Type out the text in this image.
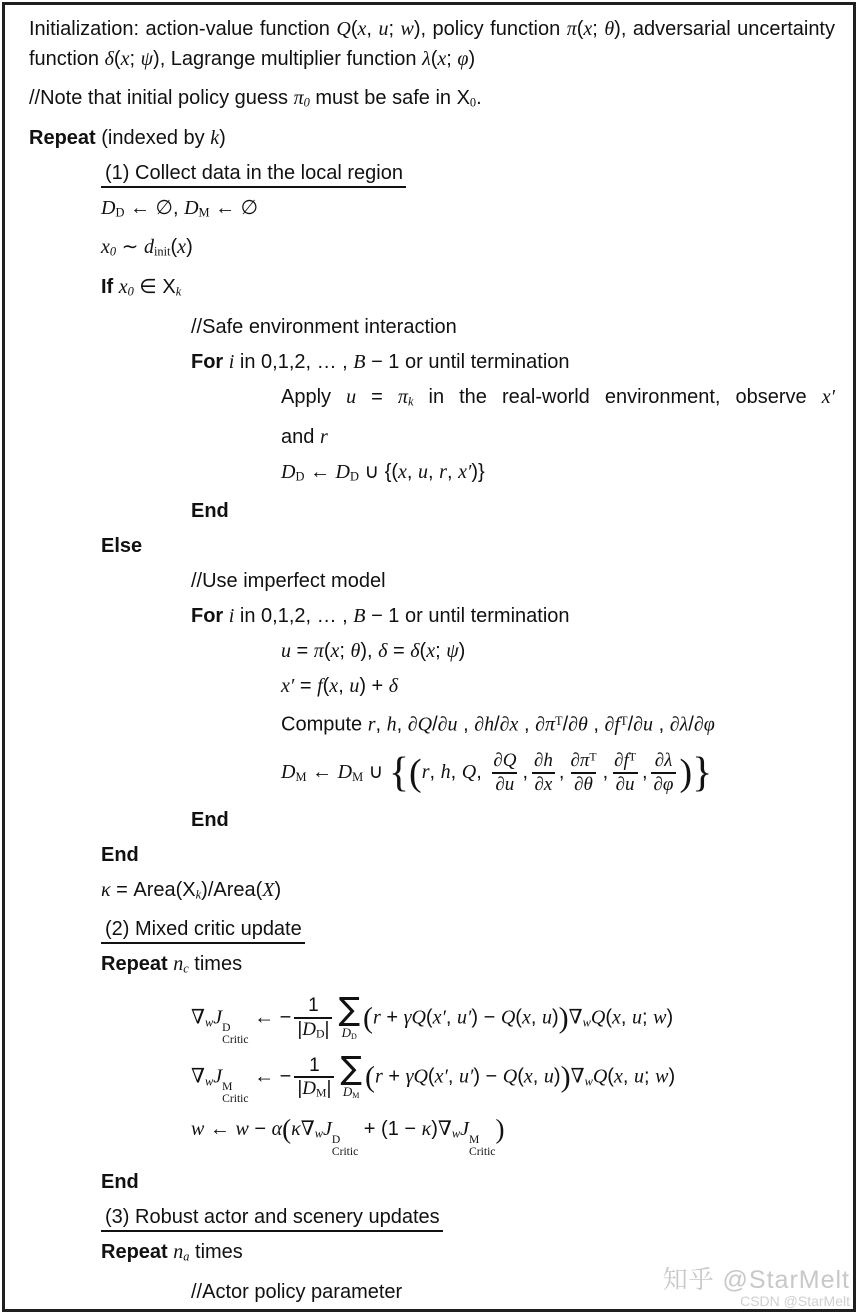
Initialization: action-value function Q(x, u; w), policy function π(x; θ), adversarial uncertainty function δ(x; ψ), Lagrange multiplier function λ(x; φ)
//Note that initial policy guess π0 must be safe in X0.
Repeat (indexed by k)
(1) Collect data in the local region
DD ← ∅, DM ← ∅
x0 ∼ dinit(x)
If x0 ∈ Xk
//Safe environment interaction
For i in 0,1,2, … , B − 1 or until termination
Apply u = πk in the real-world environment, observe x′
and r
DD ← DD ∪ {(x, u, r, x′)}
End
Else
//Use imperfect model
For i in 0,1,2, … , B − 1 or until termination
u = π(x; θ), δ = δ(x; ψ)
x′ = f(x, u) + δ
Compute r, h, ∂Q/∂u , ∂h/∂x , $\partial\pi^T/\partial\theta$ , $\partial f^T/\partial u$ , ∂λ/∂φ
DM ← DM ∪ {(r, h, Q, $\frac{\partial Q}{\partial u}$ , $\frac{\partial h}{\partial x}$ , $\frac{\partial\pi^T}{\partial\theta}$ , $\frac{\partial f^T}{\partial u}$ , $\frac{\partial\lambda}{\partial\varphi}$ )}
End
End
κ = Area(Xk)/Area(X)
(2) Mixed critic update
Repeat nc times
∇wJ D
Critic
← − $\frac{1}{|DD|}$ ∑
DD
(r + γQ(x′, u′) − Q(x, u))∇wQ(x, u; w)
∇wJ M
Critic
← − $\frac{1}{|DM|}$ ∑
DM
(r + γQ(x′, u′) − Q(x, u))∇wQ(x, u; w)
w ← w − α(κ∇wJ D
Critic
+ (1 − κ)∇wJ M
Critic
)
End
(3) Robust actor and scenery updates
Repeat na times
//Actor policy parameter	知乎 @StarMelt
CSDN @StarMelt
